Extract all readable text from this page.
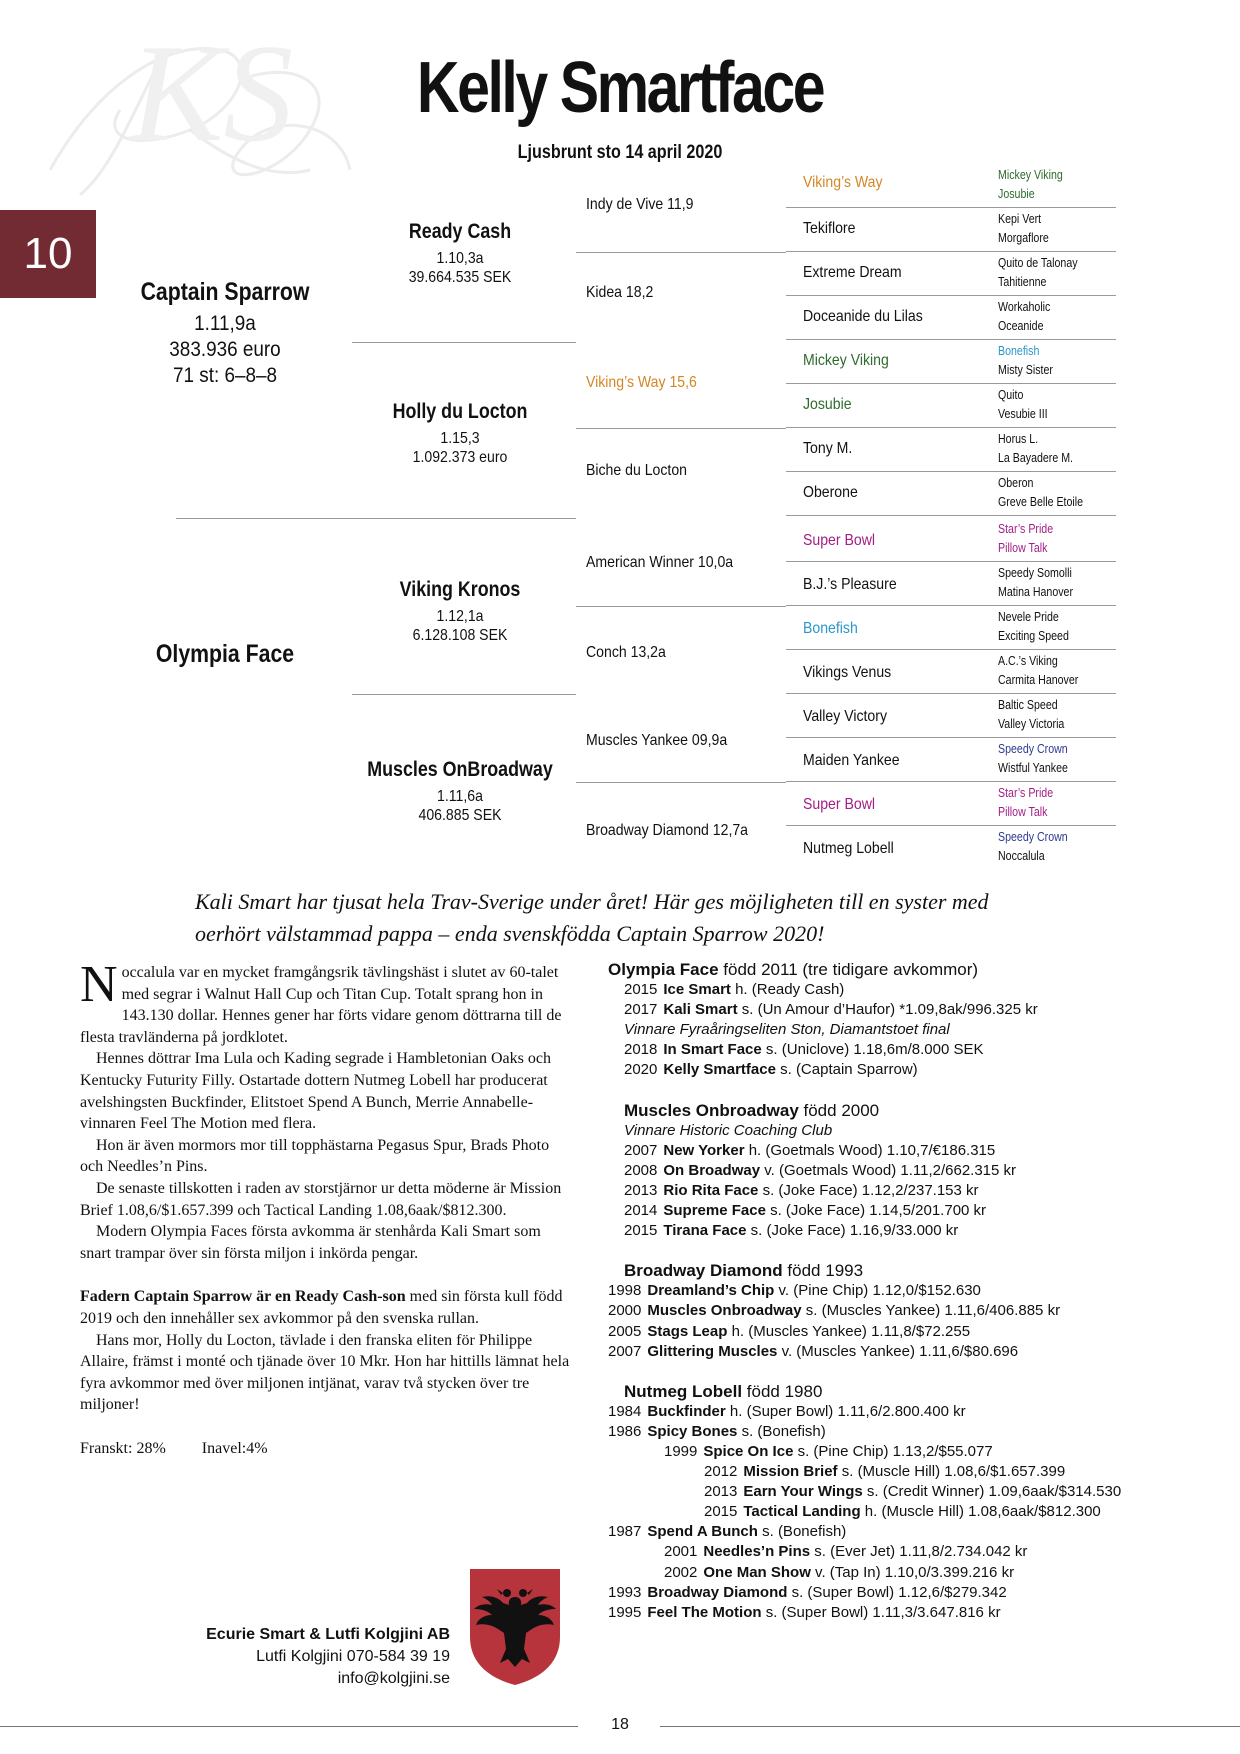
KS	Kelly Smartface
Ljusbrunt sto 14 april 2020
10
Captain Sparrow
1.11,9a
383.936 euro
71 st: 6–8–8
Olympia Face
Ready Cash
1.10,3a
39.664.535 SEK
Holly du Locton
1.15,3
1.092.373 euro
Viking Kronos
1.12,1a
6.128.108 SEK
Muscles OnBroadway
1.11,6a
406.885 SEK
Indy de Vive 11,9
Kidea 18,2
Viking’s Way 15,6
Biche du Locton
American Winner 10,0a
Conch 13,2a
Muscles Yankee 09,9a
Broadway Diamond 12,7a
Viking’s Way
Tekiflore
Extreme Dream
Doceanide du Lilas
Mickey Viking
Josubie
Tony M.
Oberone
Super Bowl
B.J.’s Pleasure
Bonefish
Vikings Venus
Valley Victory
Maiden Yankee
Super Bowl
Nutmeg Lobell
Mickey Viking
Josubie
Kepi Vert
Morgaflore
Quito de Talonay
Tahitienne
Workaholic
Oceanide
Bonefish
Misty Sister
Quito
Vesubie III
Horus L.
La Bayadere M.
Oberon
Greve Belle Etoile
Star’s Pride
Pillow Talk
Speedy Somolli
Matina Hanover
Nevele Pride
Exciting Speed
A.C.’s Viking
Carmita Hanover
Baltic Speed
Valley Victoria
Speedy Crown
Wistful Yankee
Star’s Pride
Pillow Talk
Speedy Crown
Noccalula
Kali Smart har tjusat hela Trav-Sverige under året! Här ges möjligheten till en syster med
oerhört välstammad pappa – enda svenskfödda Captain Sparrow 2020!

Noccalula var en mycket framgångsrik tävlingshäst i slutet av 60-talet med segrar i Walnut Hall Cup och Titan Cup. Totalt sprang hon in 143.130 dollar. Hennes gener har förts vidare genom döttrarna till de flesta travländerna på jordklotet.

Hennes döttrar Ima Lula och Kading segrade i Hambletonian Oaks och Kentucky Futurity Filly. Ostartade dottern Nutmeg Lobell har producerat avelshingsten Buckfinder, Elitstoet Spend A Bunch, Merrie Annabelle-vinnaren Feel The Motion med flera.

Hon är även mormors mor till topphästarna Pegasus Spur, Brads Photo och Needles’n Pins.

De senaste tillskotten i raden av storstjärnor ur detta möderne är Mission Brief 1.08,6/$1.657.399 och Tactical Landing 1.08,6aak/$812.300.

Modern Olympia Faces första avkomma är stenhårda Kali Smart som snart trampar över sin första miljon i inkörda pengar.

Fadern Captain Sparrow är en Ready Cash-son med sin första kull född 2019 och den innehåller sex avkommor på den svenska rullan.

Hans mor, Holly du Locton, tävlade i den franska eliten för Philippe Allaire, främst i monté och tjänade över 10 Mkr. Hon har hittills lämnat hela fyra avkommor med över miljonen intjänat, varav två stycken över tre miljoner!

Franskt: 28% Inavel:4%
Olympia Face född 2011 (tre tidigare avkommor)
2015 Ice Smart h. (Ready Cash)
2017 Kali Smart s. (Un Amour d’Haufor) *1.09,8ak/996.325 kr
Vinnare Fyraåringseliten Ston, Diamantstoet final
2018 In Smart Face s. (Uniclove) 1.18,6m/8.000 SEK
2020 Kelly Smartface s. (Captain Sparrow)
Muscles Onbroadway född 2000
Vinnare Historic Coaching Club
2007 New Yorker h. (Goetmals Wood) 1.10,7/€186.315
2008 On Broadway v. (Goetmals Wood) 1.11,2/662.315 kr
2013 Rio Rita Face s. (Joke Face) 1.12,2/237.153 kr
2014 Supreme Face s. (Joke Face) 1.14,5/201.700 kr
2015 Tirana Face s. (Joke Face) 1.16,9/33.000 kr
Broadway Diamond född 1993
1998 Dreamland’s Chip v. (Pine Chip) 1.12,0/$152.630
2000 Muscles Onbroadway s. (Muscles Yankee) 1.11,6/406.885 kr
2005 Stags Leap h. (Muscles Yankee) 1.11,8/$72.255
2007 Glittering Muscles v. (Muscles Yankee) 1.11,6/$80.696
Nutmeg Lobell född 1980
1984 Buckfinder h. (Super Bowl) 1.11,6/2.800.400 kr
1986 Spicy Bones s. (Bonefish)
1999 Spice On Ice s. (Pine Chip) 1.13,2/$55.077
2012 Mission Brief s. (Muscle Hill) 1.08,6/$1.657.399
2013 Earn Your Wings s. (Credit Winner) 1.09,6aak/$314.530
2015 Tactical Landing h. (Muscle Hill) 1.08,6aak/$812.300
1987 Spend A Bunch s. (Bonefish)
2001 Needles’n Pins s. (Ever Jet) 1.11,8/2.734.042 kr
2002 One Man Show v. (Tap In) 1.10,0/3.399.216 kr
1993 Broadway Diamond s. (Super Bowl) 1.12,6/$279.342
1995 Feel The Motion s. (Super Bowl) 1.11,3/3.647.816 kr
Ecurie Smart & Lutfi Kolgjini AB
Lutfi Kolgjini 070-584 39 19
info@kolgjini.se
18
